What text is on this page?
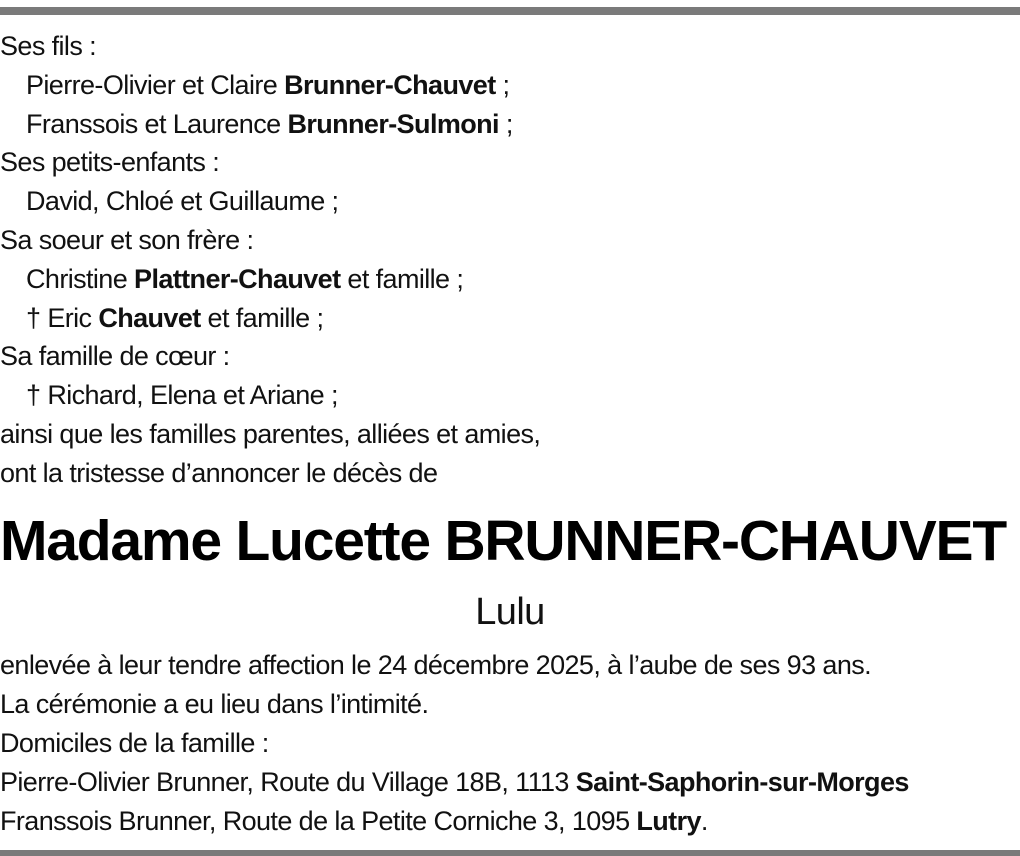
Ses fils :
Pierre-Olivier et Claire Brunner-Chauvet ;
Franssois et Laurence Brunner-Sulmoni ;
Ses petits-enfants :
David, Chloé et Guillaume ;
Sa soeur et son frère :
Christine Plattner-Chauvet et famille ;
† Eric Chauvet et famille ;
Sa famille de cœur :
† Richard, Elena et Ariane ;
ainsi que les familles parentes, alliées et amies,
ont la tristesse d’annoncer le décès de
Madame Lucette BRUNNER-CHAUVET
Lulu
enlevée à leur tendre affection le 24 décembre 2025, à l’aube de ses 93 ans.
La cérémonie a eu lieu dans l’intimité.
Domiciles de la famille :
Pierre-Olivier Brunner, Route du Village 18B, 1113 Saint-Saphorin-sur-Morges
Franssois Brunner, Route de la Petite Corniche 3, 1095 Lutry.
